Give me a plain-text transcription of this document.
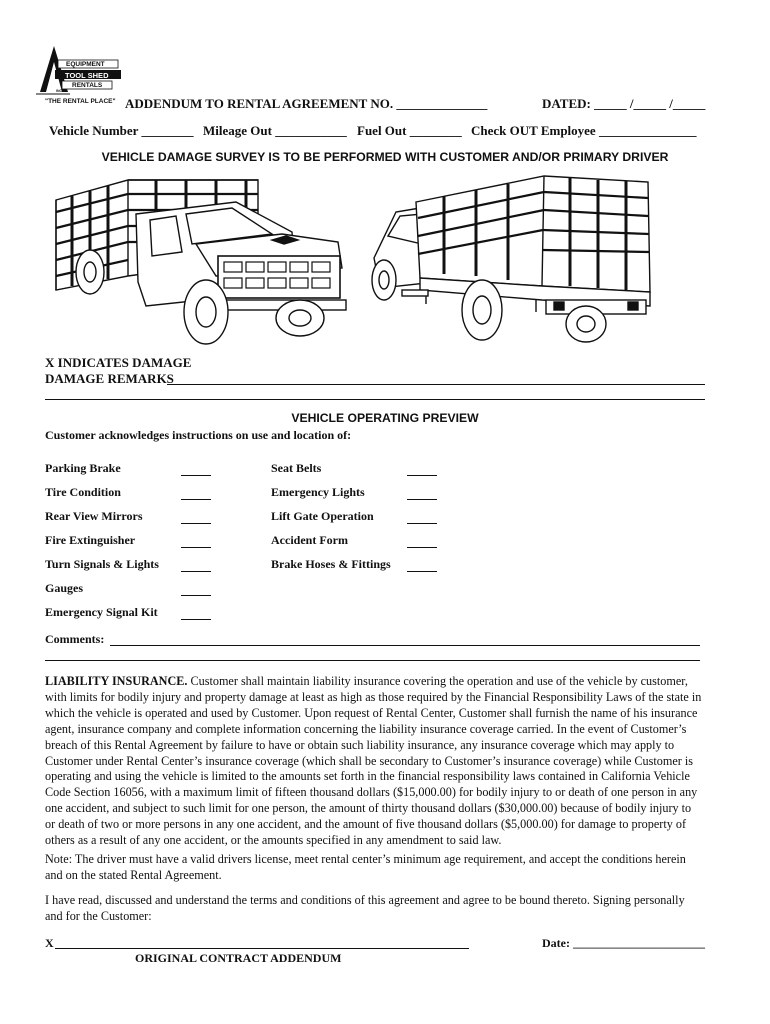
EQUIPMENT
TOOL SHED
RENTALS
INC.
"THE RENTAL PLACE" ADDENDUM TO RENTAL AGREEMENT NO. ______________	DATED: _____ /_____ /_____
Vehicle Number ________ Mileage Out ___________ Fuel Out ________ Check OUT Employee _______________
VEHICLE DAMAGE SURVEY IS TO BE PERFORMED WITH CUSTOMER AND/OR PRIMARY DRIVER
X INDICATES DAMAGE
DAMAGE REMARKS
VEHICLE OPERATING PREVIEW
Customer acknowledges instructions on use and location of:
Parking Brake
Tire Condition
Rear View Mirrors
Fire Extinguisher
Turn Signals & Lights
Gauges
Emergency Signal Kit
Seat Belts
Emergency Lights
Lift Gate Operation
Accident Form
Brake Hoses & Fittings
Comments:
LIABILITY INSURANCE. Customer shall maintain liability insurance covering the operation and use of the vehicle by customer,
with limits for bodily injury and property damage at least as high as those required by the Financial Responsibility Laws of the state in
which the vehicle is operated and used by Customer. Upon request of Rental Center, Customer shall furnish the name of his insurance
agent, insurance company and complete information concerning the liability insurance coverage carried. In the event of Customer’s
breach of this Rental Agreement by failure to have or obtain such liability insurance, any insurance coverage which may apply to
Customer under Rental Center’s insurance coverage (which shall be secondary to Customer’s insurance coverage) while Customer is
operating and using the vehicle is limited to the amounts set forth in the financial responsibility laws contained in California Vehicle
Code Section 16056, with a maximum limit of fifteen thousand dollars ($15,000.00) for bodily injury to or death of one person in any
one accident, and subject to such limit for one person, the amount of thirty thousand dollars ($30,000.00) because of bodily injury to
or death of two or more persons in any one accident, and the amount of five thousand dollars ($5,000.00) for damage to property of
others as a result of any one accident, or the amounts specified in any amendment to said law.
Note: The driver must have a valid drivers license, meet rental center’s minimum age requirement, and accept the conditions herein
and on the stated Rental Agreement.
I have read, discussed and understand the terms and conditions of this agreement and agree to be bound thereto. Signing personally
and for the Customer:
X	Date: ______________________
ORIGINAL CONTRACT ADDENDUM
